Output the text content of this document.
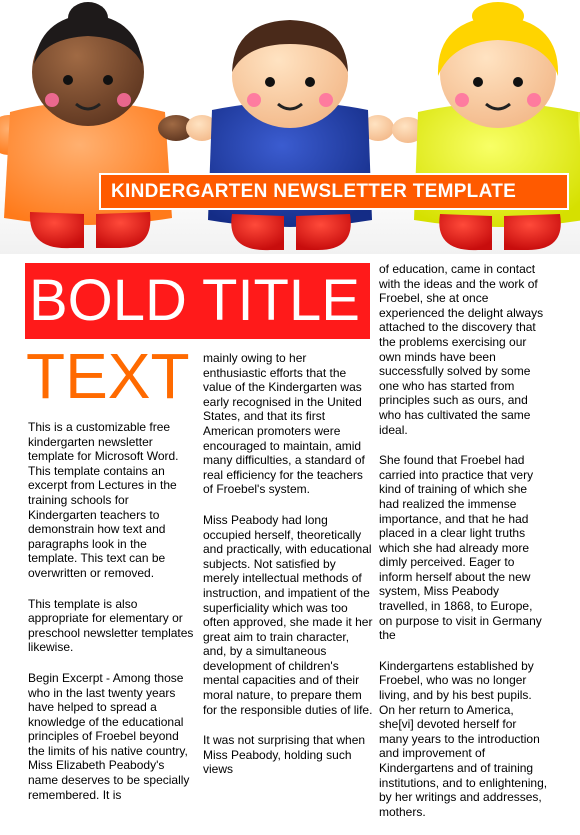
KINDERGARTEN NEWSLETTER TEMPLATE
BOLD TITLE
TEXT

This is a customizable free kindergarten newsletter template for Microsoft Word. This template contains an excerpt from Lectures in the training schools for Kindergarten teachers to demonstrain how text and paragraphs look in the template. This text can be overwritten or removed.

This template is also appropriate for elementary or preschool newsletter templates likewise.

Begin Excerpt - Among those who in the last twenty years have helped to spread a knowledge of the educational principles of Froebel beyond the limits of his native country, Miss Elizabeth Peabody's name deserves to be specially remembered. It is

mainly owing to her enthusiastic efforts that the value of the Kindergarten was early recognised in the United States, and that its first American promoters were encouraged to maintain, amid many difficulties, a standard of real efficiency for the teachers of Froebel's system.

Miss Peabody had long occupied herself, theoretically and practically, with educational subjects. Not satisfied by merely intellectual methods of instruction, and impatient of the superficiality which was too often approved, she made it her great aim to train character, and, by a simultaneous development of children's mental capacities and of their moral nature, to prepare them for the responsible duties of life.

It was not surprising that when Miss Peabody, holding such views

of education, came in contact with the ideas and the work of Froebel, she at once experienced the delight always attached to the discovery that the problems exercising our own minds have been successfully solved by some one who has started from principles such as ours, and who has cultivated the same ideal.

She found that Froebel had carried into practice that very kind of training of which she had realized the immense importance, and that he had placed in a clear light truths which she had already more dimly perceived. Eager to inform herself about the new system, Miss Peabody travelled, in 1868, to Europe, on purpose to visit in Germany the

Kindergartens established by Froebel, who was no longer living, and by his best pupils. On her return to America, she[vi] devoted herself for many years to the introduction and improvement of Kindergartens and of training institutions, and to enlightening, by her writings and addresses, mothers.
